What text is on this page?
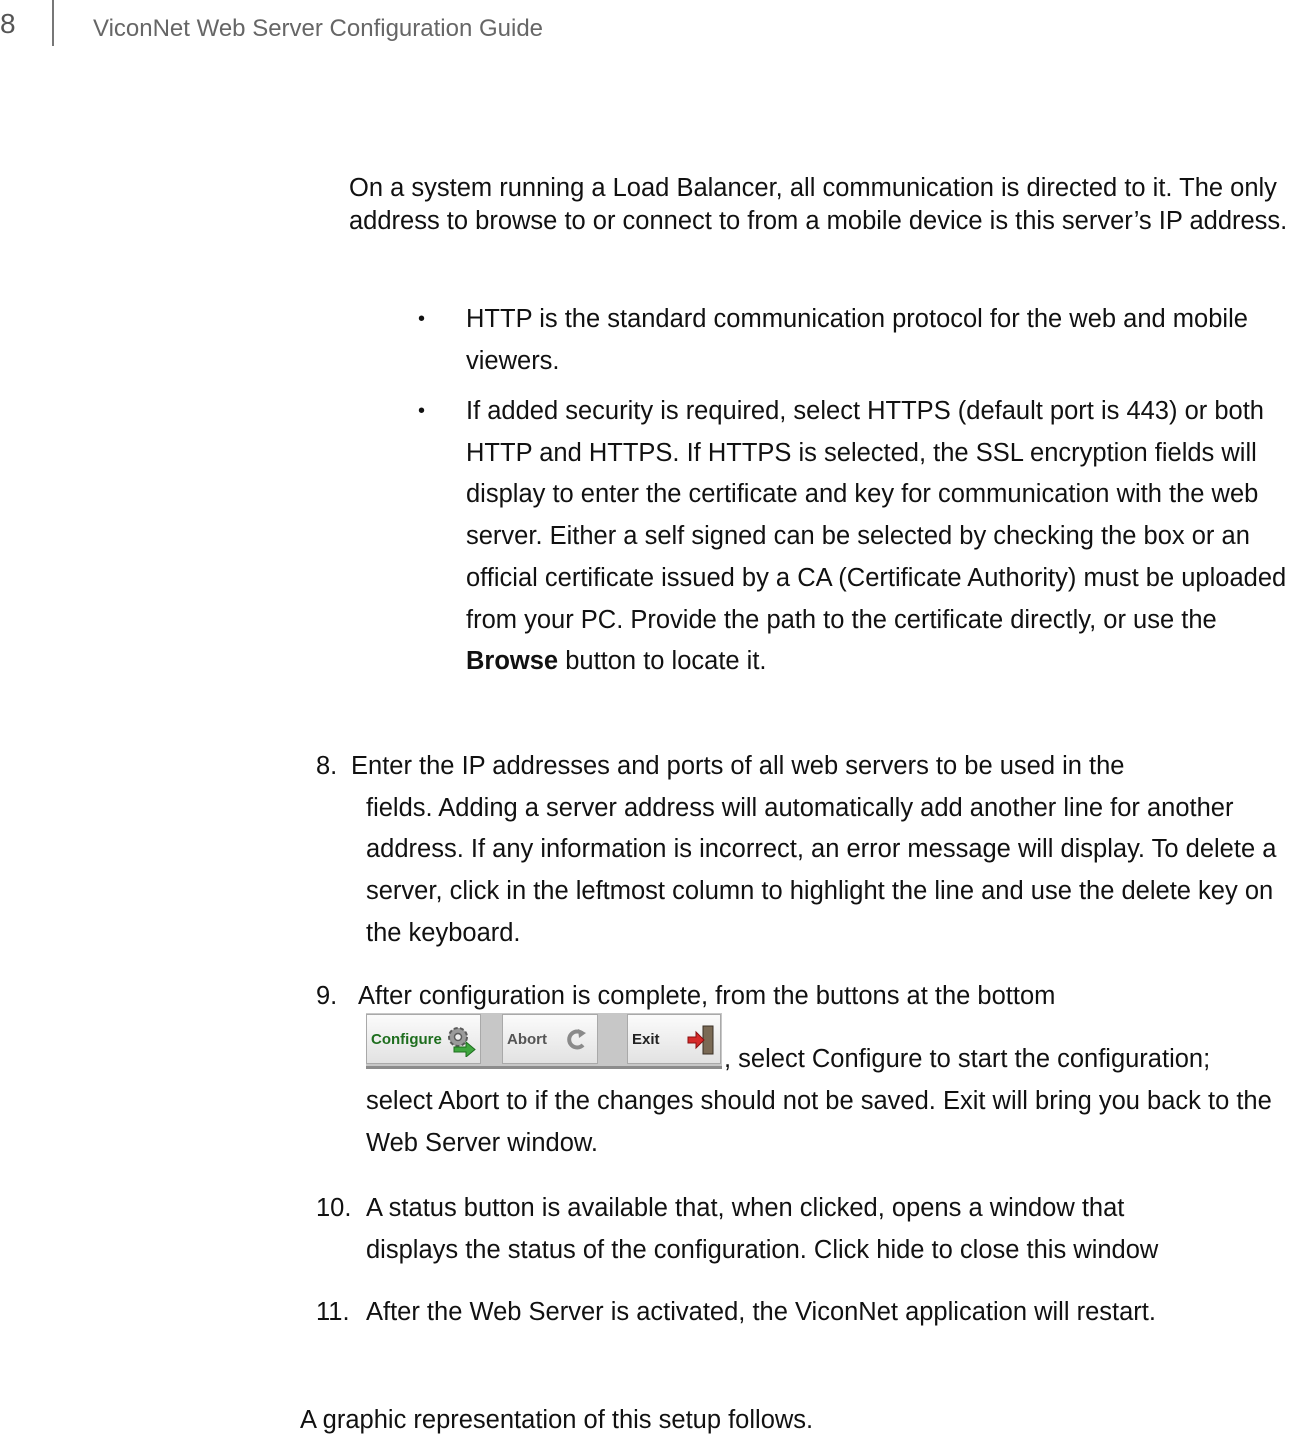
8	ViconNet Web Server Configuration Guide
On a system running a Load Balancer, all communication is directed to it. The only address to browse to or connect to from a mobile device is this server’s IP address.
• HTTP is the standard communication protocol for the web and mobile viewers.
• If added security is required, select HTTPS (default port is 443) or both HTTP and HTTPS. If HTTPS is selected, the SSL encryption fields will display to enter the certificate and key for communication with the web server. Either a self signed can be selected by checking the box or an official certificate issued by a CA (Certificate Authority) must be uploaded from your PC. Provide the path to the certificate directly, or use the Browse button to locate it.
8. Enter the IP addresses and ports of all web servers to be used in the
fields. Adding a server address will automatically add another line for another address. If any information is incorrect, an error message will display. To delete a server, click in the leftmost column to highlight the line and use the delete key on the keyboard.
9. After configuration is complete, from the buttons at the bottom
Configure	Abort	Exit
, select Configure to start the configuration;
select Abort to if the changes should not be saved. Exit will bring you back to the Web Server window.
10. A status button is available that, when clicked, opens a window that
displays the status of the configuration. Click hide to close this window
11. After the Web Server is activated, the ViconNet application will restart.
A graphic representation of this setup follows.
